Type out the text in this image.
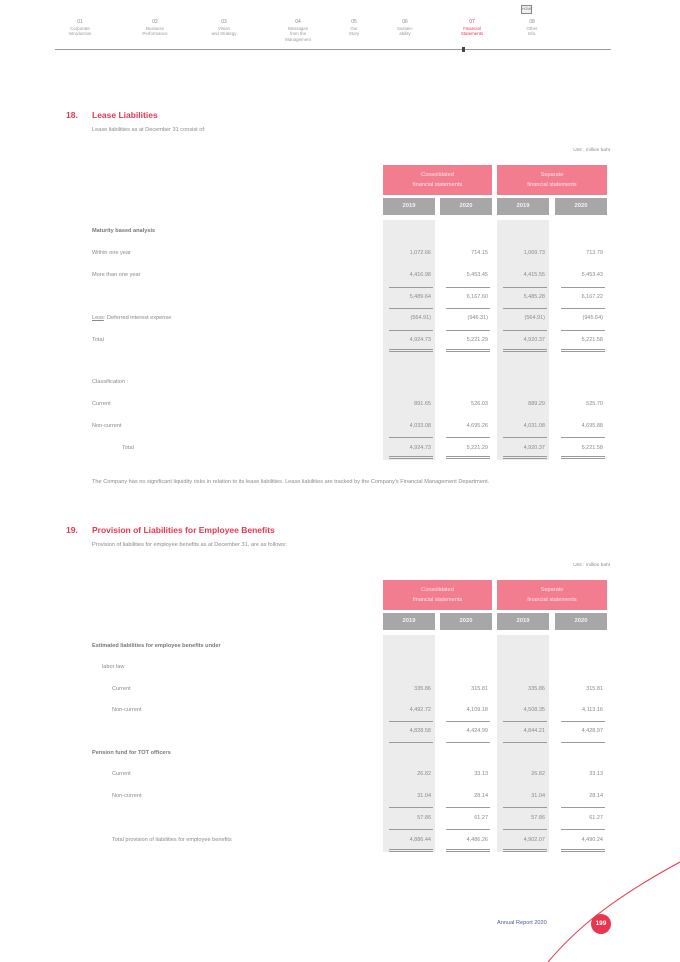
01
Corporate
Introduction
02
Business
Performance
03
Vision
and Strategy
04
Messages
from the
Management
05
Our
Story
06
Sustain-
ability
07
Financial
Statements
08
Other
Info.
HOME
18. Lease Liabilities
Lease liabilities as at December 31 consist of:
Unit : million baht
The Company has no significant liquidity risks in relation to its lease liabilities. Lease liabilities are tracked by the Company's Financial Management Department.
19. Provision of Liabilities for Employee Benefits
Provision of liabilities for employee benefits as at December 31, are as follows:
Unit : million baht
Annual Report 2020	199
Consolidated
financial statements
Separate
financial statements
2019	2020	2019	2020
Maturity based analysis
Within one year	1,072.66	714.15	1,069.73	713.79
More than one year	4,416.98	5,453.45	4,415.55	5,453.43
5,489.64	6,167.60	5,485.28	6,167.22
Less: Deferred interest expense	(564.91)	(946.31)	(564.91)	(945.64)
Total	4,924.73	5,221.29	4,920.37	5,221.58
Classification :
Current	891.65	526.03	889.29	525.70
Non-current	4,033.08	4,695.26	4,031.08	4,695.88
Total	4,924.73	5,221.29	4,920.37	5,221.58
Consolidated
financial statements
Separate
financial statements
2019	2020	2019	2020
Estimated liabilities for employee benefits under
labor law
Current	335.86	315.81	335.86	315.81
Non-current	4,492.72	4,109.18	4,508.35	4,113.16
4,828.58	4,424.99	4,844.21	4,428.97
Pension fund for TOT officers
Current	26.82	33.13	26.82	33.13
Non-current	31.04	28.14	31.04	28.14
57.86	61.27	57.86	61.27
Total provision of liabilities for employee benefits	4,886.44	4,486.26	4,902.07	4,490.24
